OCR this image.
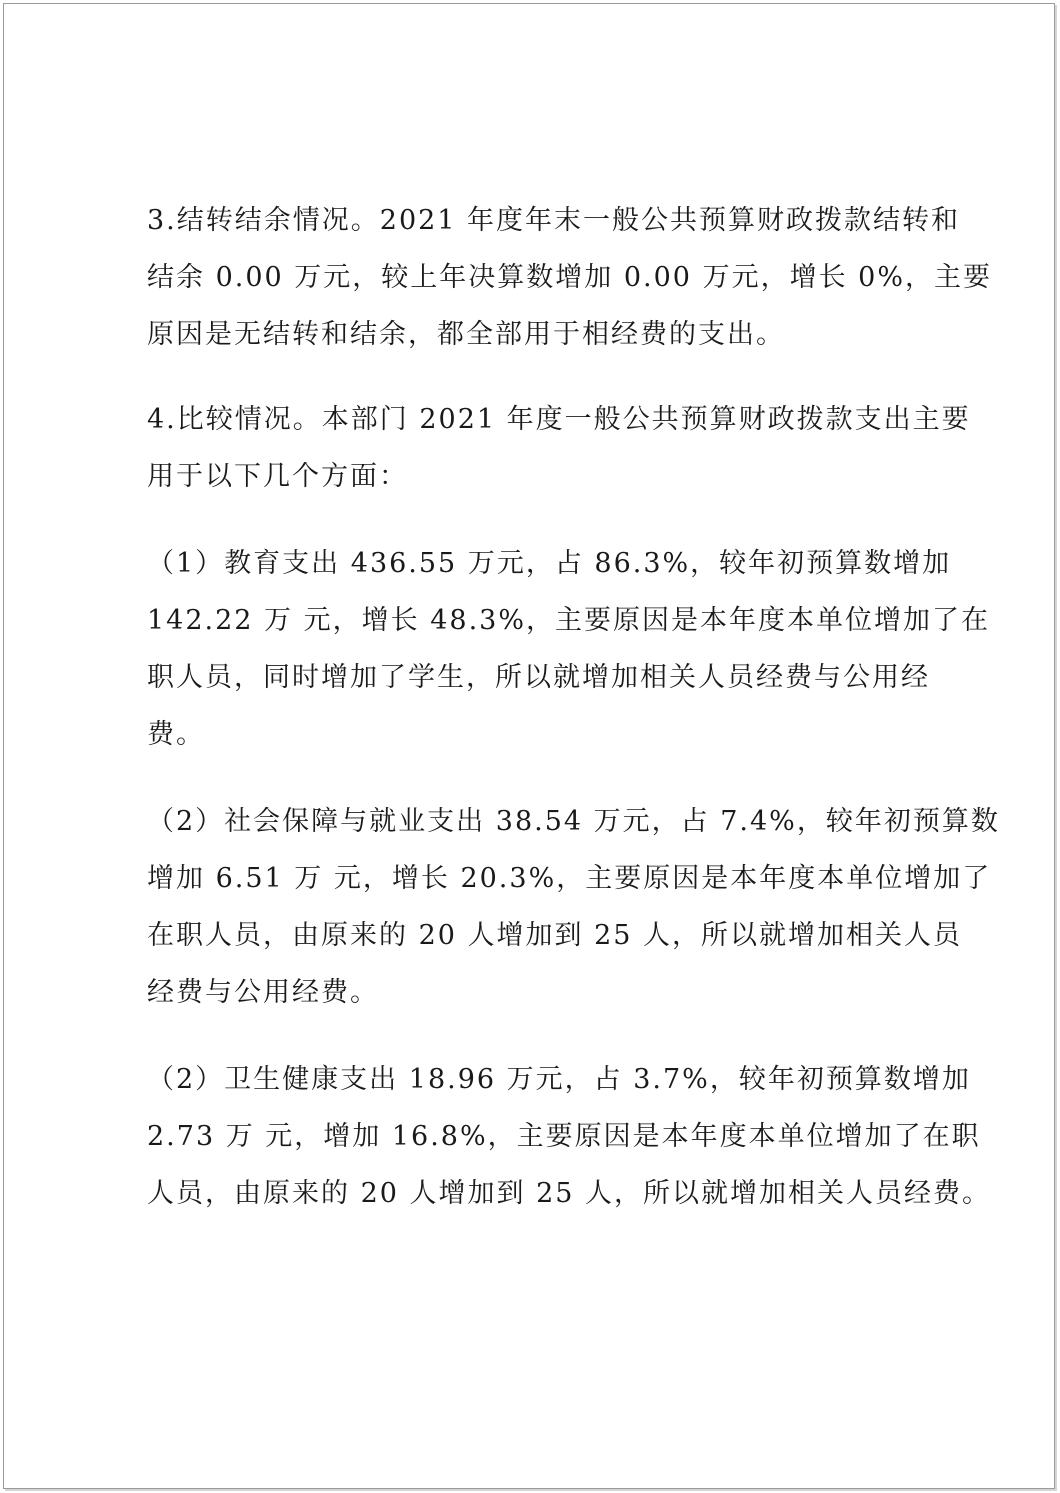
3.结转结余情况。2021 年度年末一般公共预算财政拨款结转和
结余 0.00 万元，较上年决算数增加 0.00 万元，增长 0%，主要
原因是无结转和结余，都全部用于相经费的支出。
4.比较情况。本部门 2021 年度一般公共预算财政拨款支出主要
用于以下几个方面：
（1）教育支出 436.55 万元，占 86.3%，较年初预算数增加
142.22 万 元，增长 48.3%，主要原因是本年度本单位增加了在
职人员，同时增加了学生，所以就增加相关人员经费与公用经
费。
（2）社会保障与就业支出 38.54 万元，占 7.4%，较年初预算数
增加 6.51 万 元，增长 20.3%，主要原因是本年度本单位增加了
在职人员，由原来的 20 人增加到 25 人，所以就增加相关人员
经费与公用经费。
（2）卫生健康支出 18.96 万元，占 3.7%，较年初预算数增加
2.73 万 元，增加 16.8%，主要原因是本年度本单位增加了在职
人员，由原来的 20 人增加到 25 人，所以就增加相关人员经费。
